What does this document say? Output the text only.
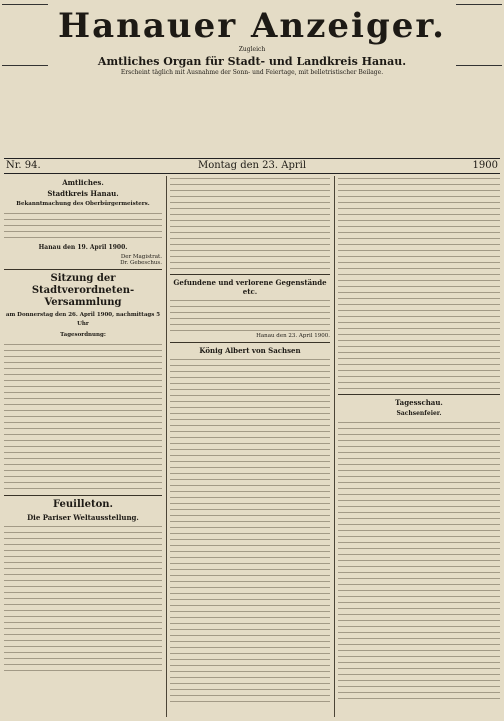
Hanauer Anzeiger.
Zugleich
Amtliches Organ für Stadt- und Landkreis Hanau.
Erscheint täglich mit Ausnahme der Sonn- und Feiertage, mit belletristischer Beilage.
Nr. 94.	Montag den 23. April	1900
Amtliches.
Stadtkreis Hanau.
Bekanntmachung des Oberbürgermeisters.
Hanau den 19. April 1900.
Der Magistrat.
Dr. Gebeschus.
Sitzung der Stadtverordneten-Versammlung
am Donnerstag den 26. April 1900, nachmittags 5 Uhr
Tagesordnung:
Feuilleton.
Die Pariser Weltausstellung.
Gefundene und verlorene Gegenstände etc.
Hanau den 23. April 1900.
König Albert von Sachsen
Tagesschau.
Sachsenfeier.
